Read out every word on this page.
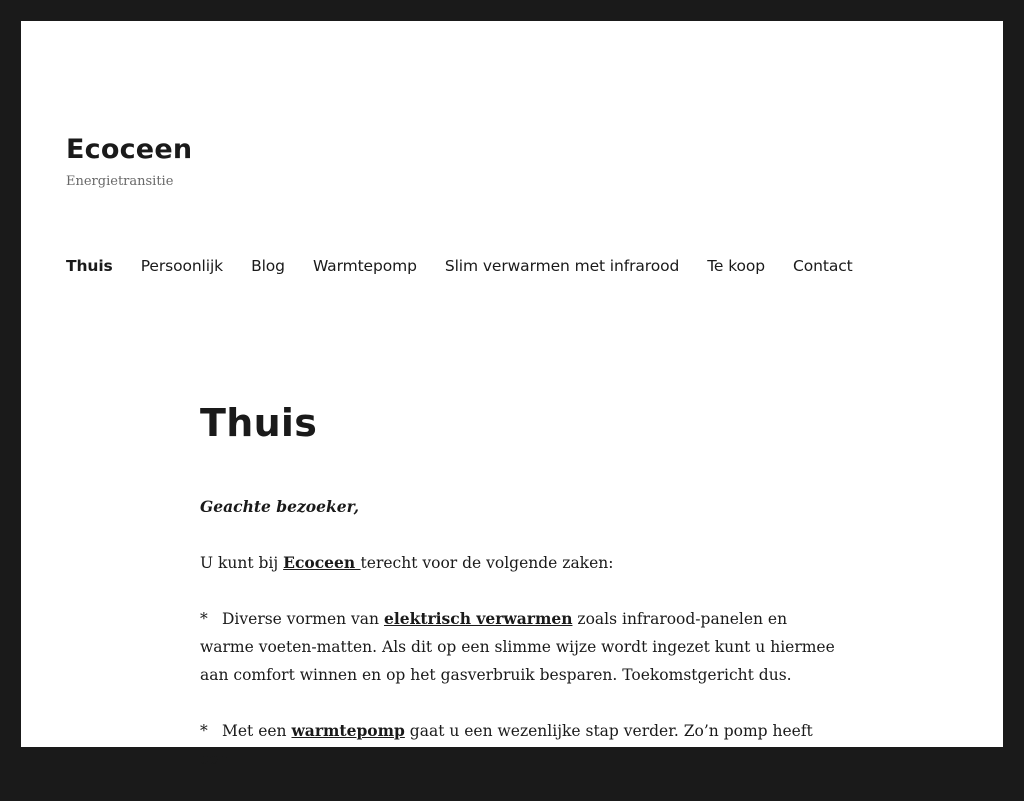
Ecoceen
Energietransitie
Thuis Persoonlijk Blog Warmtepomp Slim verwarmen met infrarood Te koop Contact
Thuis

Geachte bezoeker,

U kunt bij Ecoceen terecht voor de volgende zaken:

* Diverse vormen van elektrisch verwarmen zoals infrarood-panelen en warme voeten-matten. Als dit op een slimme wijze wordt ingezet kunt u hiermee aan comfort winnen en op het gasverbruik besparen. Toekomstgericht dus.

* Met een warmtepomp gaat u een wezenlijke stap verder. Zo’n pomp heeft een
